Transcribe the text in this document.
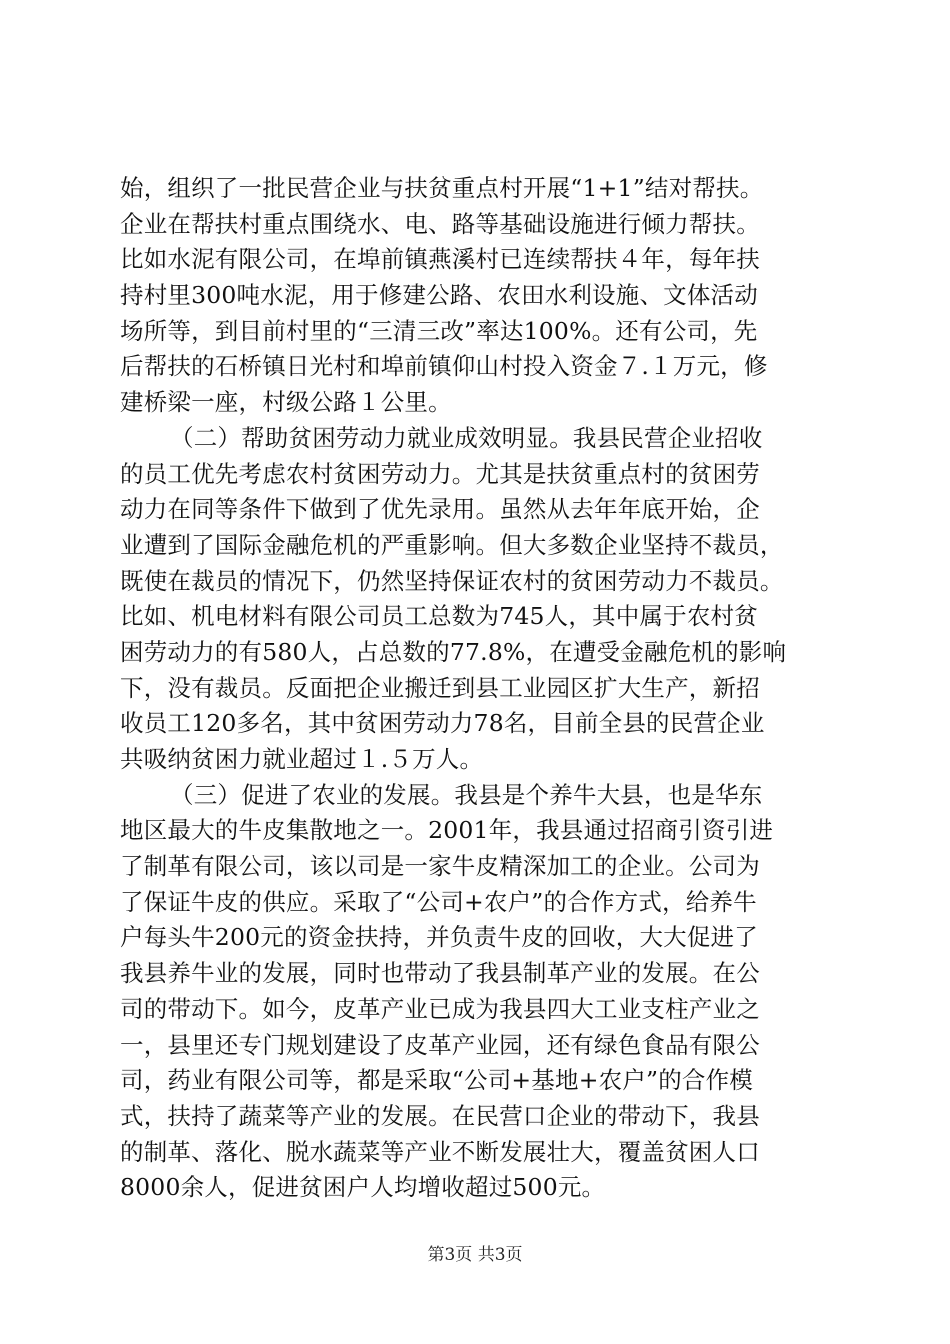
始，组织了一批民营企业与扶贫重点村开展“1+1”结对帮扶。
企业在帮扶村重点围绕水、电、路等基础设施进行倾力帮扶。
比如水泥有限公司，在埠前镇燕溪村已连续帮扶４年，每年扶
持村里300吨水泥，用于修建公路、农田水利设施、文体活动
场所等，到目前村里的“三清三改”率达100%。还有公司，先
后帮扶的石桥镇日光村和埠前镇仰山村投入资金７.１万元，修
建桥梁一座，村级公路１公里。
（二）帮助贫困劳动力就业成效明显。我县民营企业招收
的员工优先考虑农村贫困劳动力。尤其是扶贫重点村的贫困劳
动力在同等条件下做到了优先录用。虽然从去年年底开始，企
业遭到了国际金融危机的严重影响。但大多数企业坚持不裁员，
既使在裁员的情况下，仍然坚持保证农村的贫困劳动力不裁员。
比如、机电材料有限公司员工总数为745人，其中属于农村贫
困劳动力的有580人，占总数的77.8%，在遭受金融危机的影响
下，没有裁员。反面把企业搬迁到县工业园区扩大生产，新招
收员工120多名，其中贫困劳动力78名，目前全县的民营企业
共吸纳贫困力就业超过１.５万人。
（三）促进了农业的发展。我县是个养牛大县，也是华东
地区最大的牛皮集散地之一。2001年，我县通过招商引资引进
了制革有限公司，该以司是一家牛皮精深加工的企业。公司为
了保证牛皮的供应。采取了“公司+农户”的合作方式，给养牛
户每头牛200元的资金扶持，并负责牛皮的回收，大大促进了
我县养牛业的发展，同时也带动了我县制革产业的发展。在公
司的带动下。如今，皮革产业已成为我县四大工业支柱产业之
一，县里还专门规划建设了皮革产业园，还有绿色食品有限公
司，药业有限公司等，都是采取“公司+基地+农户”的合作模
式，扶持了蔬菜等产业的发展。在民营口企业的带动下，我县
的制革、落化、脱水蔬菜等产业不断发展壮大，覆盖贫困人口
8000余人，促进贫困户人均增收超过500元。
第3页 共3页
